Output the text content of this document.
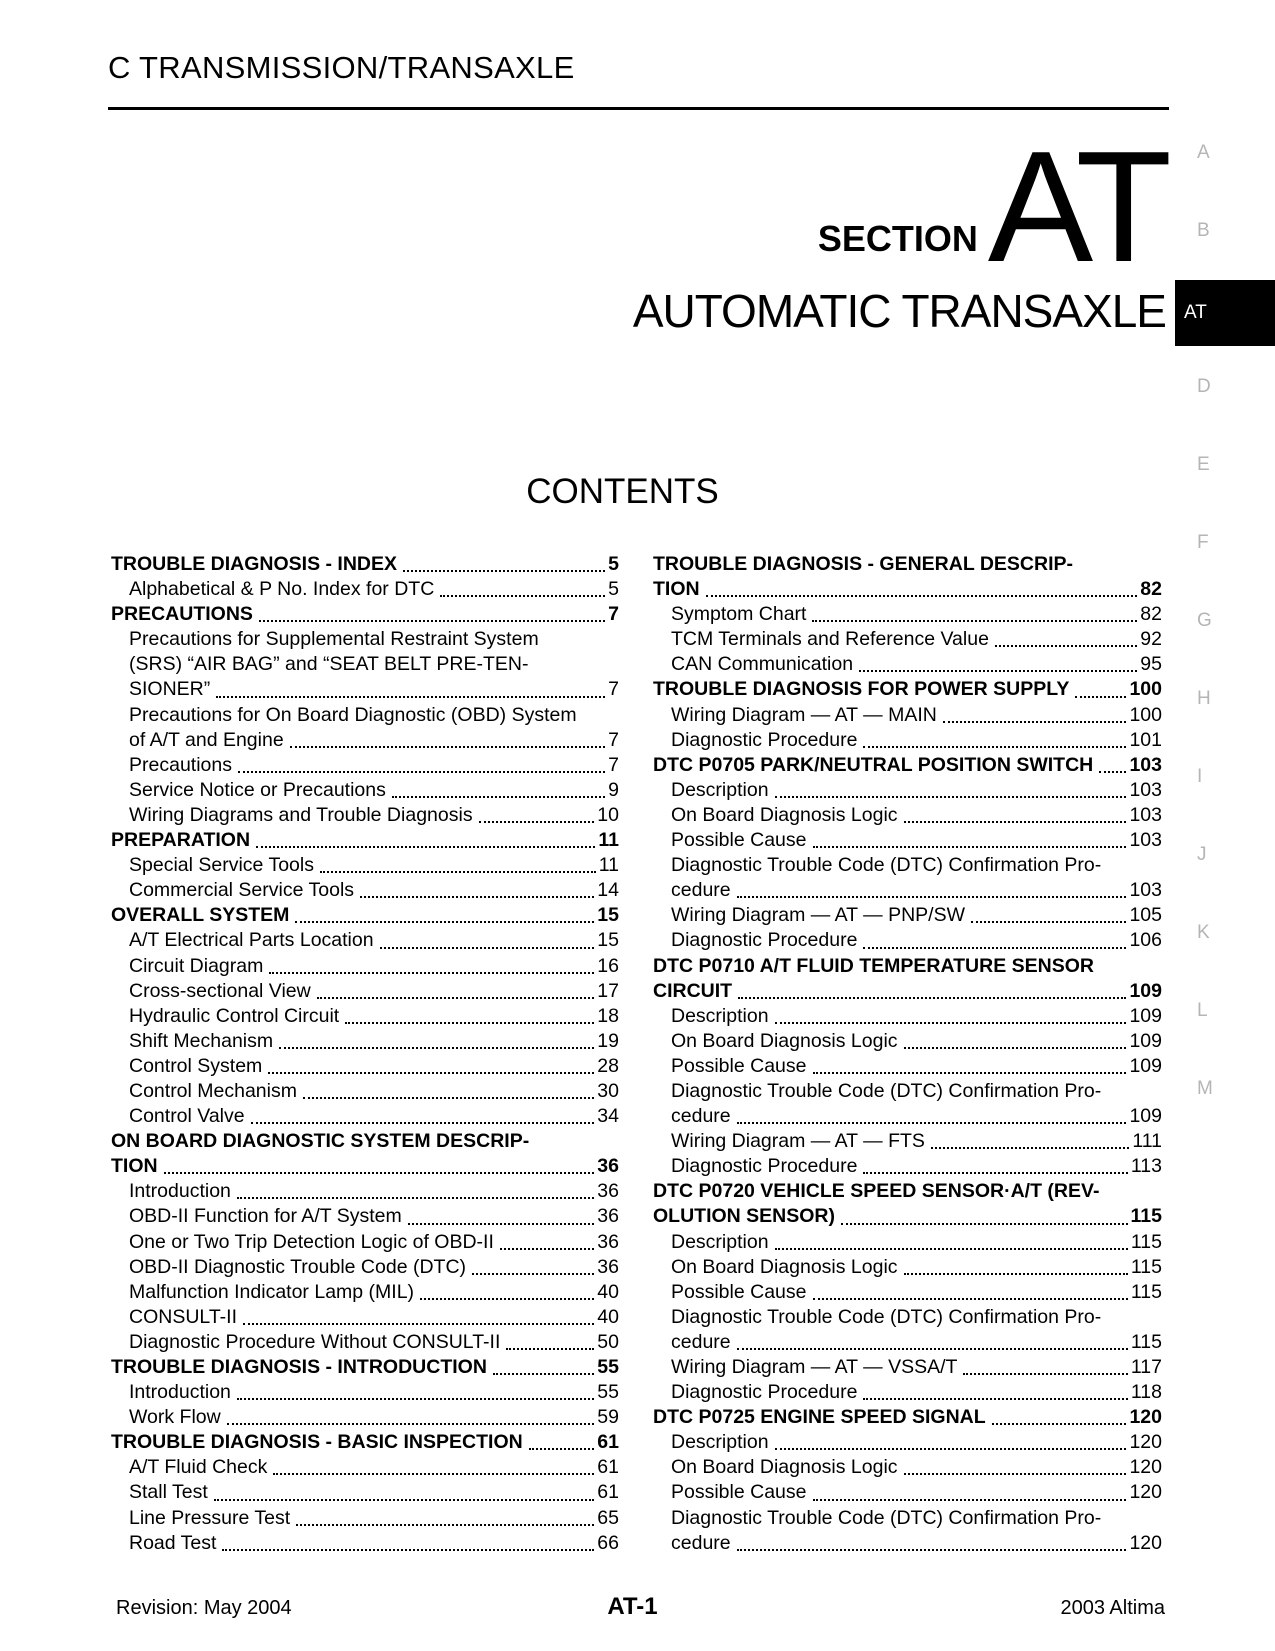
C TRANSMISSION/TRANSAXLE
SECTION AT
AUTOMATIC TRANSAXLE
A
B
AT
D
E
F
G
H
I
J
K
L
M
CONTENTS
TROUBLE DIAGNOSIS - INDEX	5
Alphabetical & P No. Index for DTC	5
PRECAUTIONS	7
Precautions for Supplemental Restraint System
(SRS) “AIR BAG” and “SEAT BELT PRE-TEN-
SIONER”	7
Precautions for On Board Diagnostic (OBD) System
of A/T and Engine	7
Precautions	7
Service Notice or Precautions	9
Wiring Diagrams and Trouble Diagnosis	10
PREPARATION	11
Special Service Tools	11
Commercial Service Tools	14
OVERALL SYSTEM	15
A/T Electrical Parts Location	15
Circuit Diagram	16
Cross-sectional View	17
Hydraulic Control Circuit	18
Shift Mechanism	19
Control System	28
Control Mechanism	30
Control Valve	34
ON BOARD DIAGNOSTIC SYSTEM DESCRIP-
TION	36
Introduction	36
OBD-II Function for A/T System	36
One or Two Trip Detection Logic of OBD-II	36
OBD-II Diagnostic Trouble Code (DTC)	36
Malfunction Indicator Lamp (MIL)	40
CONSULT-II	40
Diagnostic Procedure Without CONSULT-II	50
TROUBLE DIAGNOSIS - INTRODUCTION	55
Introduction	55
Work Flow	59
TROUBLE DIAGNOSIS - BASIC INSPECTION	61
A/T Fluid Check	61
Stall Test	61
Line Pressure Test	65
Road Test	66
TROUBLE DIAGNOSIS - GENERAL DESCRIP-
TION	82
Symptom Chart	82
TCM Terminals and Reference Value	92
CAN Communication	95
TROUBLE DIAGNOSIS FOR POWER SUPPLY	100
Wiring Diagram — AT — MAIN	100
Diagnostic Procedure	101
DTC P0705 PARK/NEUTRAL POSITION SWITCH 103
Description	103
On Board Diagnosis Logic	103
Possible Cause	103
Diagnostic Trouble Code (DTC) Confirmation Pro-
cedure	103
Wiring Diagram — AT — PNP/SW	105
Diagnostic Procedure	106
DTC P0710 A/T FLUID TEMPERATURE SENSOR
CIRCUIT	109
Description	109
On Board Diagnosis Logic	109
Possible Cause	109
Diagnostic Trouble Code (DTC) Confirmation Pro-
cedure	109
Wiring Diagram — AT — FTS	111
Diagnostic Procedure	113
DTC P0720 VEHICLE SPEED SENSOR·A/T (REV-
OLUTION SENSOR)	115
Description	115
On Board Diagnosis Logic	115
Possible Cause	115
Diagnostic Trouble Code (DTC) Confirmation Pro-
cedure	115
Wiring Diagram — AT — VSSA/T	117
Diagnostic Procedure	118
DTC P0725 ENGINE SPEED SIGNAL	120
Description	120
On Board Diagnosis Logic	120
Possible Cause	120
Diagnostic Trouble Code (DTC) Confirmation Pro-
cedure	120
Revision: May 2004	AT-1	2003 Altima
